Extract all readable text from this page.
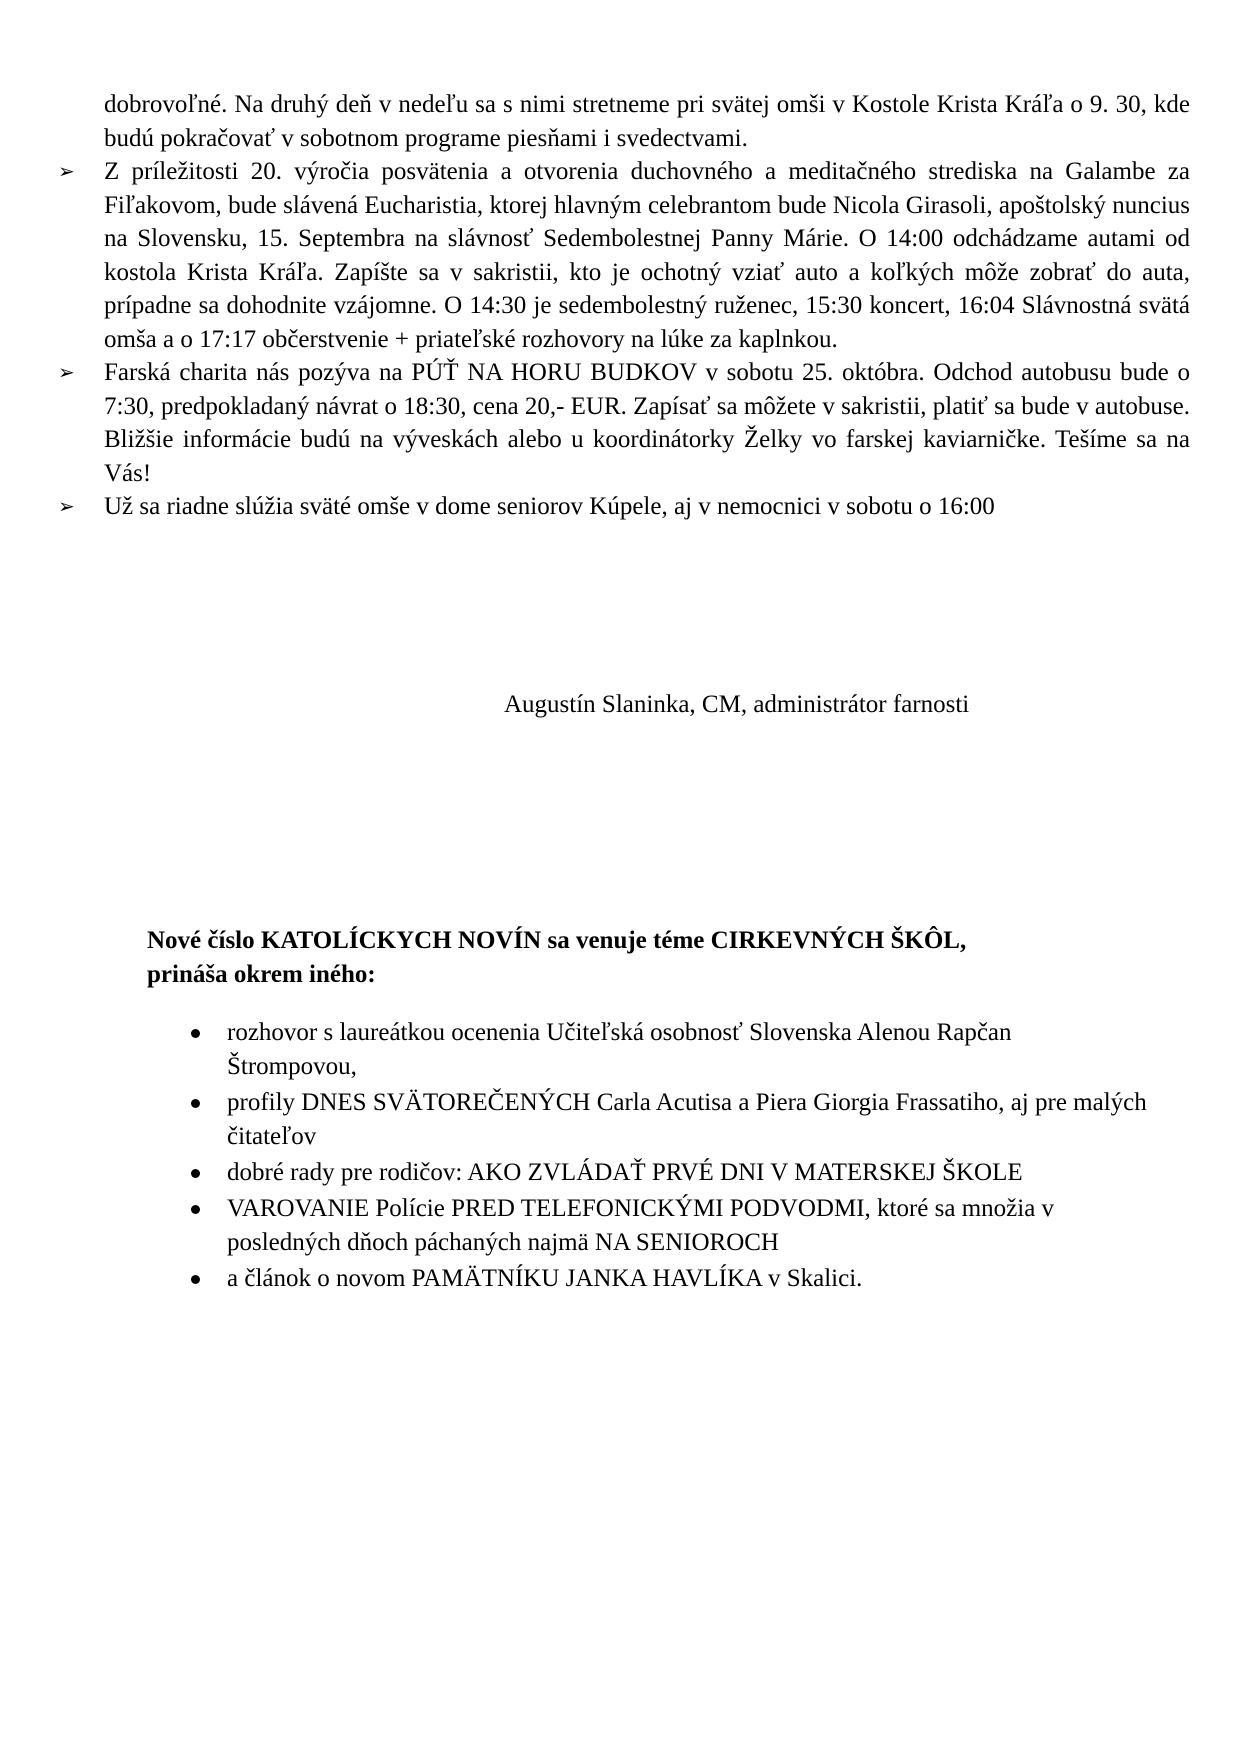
dobrovoľné. Na druhý deň v nedeľu sa s nimi stretneme pri svätej omši v Kostole Krista Kráľa o 9. 30, kde budú pokračovať v sobotnom programe piesňami i svedectvami.
➢ Z príležitosti 20. výročia posvätenia a otvorenia duchovného a meditačného strediska na Galambe za Fiľakovom, bude slávená Eucharistia, ktorej hlavným celebrantom bude Nicola Girasoli, apoštolský nuncius na Slovensku, 15. Septembra na slávnosť Sedembolestnej Panny Márie. O 14:00 odchádzame autami od kostola Krista Kráľa. Zapíšte sa v sakristii, kto je ochotný vziať auto a koľkých môže zobrať do auta, prípadne sa dohodnite vzájomne. O 14:30 je sedembolestný ruženec, 15:30 koncert, 16:04 Slávnostná svätá omša a o 17:17 občerstvenie + priateľské rozhovory na lúke za kaplnkou.
➢ Farská charita nás pozýva na PÚŤ NA HORU BUDKOV v sobotu 25. októbra. Odchod autobusu bude o 7:30, predpokladaný návrat o 18:30, cena 20,- EUR. Zapísať sa môžete v sakristii, platiť sa bude v autobuse. Bližšie informácie budú na výveskách alebo u koordinátorky Želky vo farskej kaviarničke. Tešíme sa na Vás!
➢ Už sa riadne slúžia sväté omše v dome seniorov Kúpele, aj v nemocnici v sobotu o 16:00
Augustín Slaninka, CM, administrátor farnosti

Nové číslo KATOLÍCKYCH NOVÍN sa venuje téme CIRKEVNÝCH ŠKÔL,
prináša okrem iného:

rozhovor s laureátkou ocenenia Učiteľská osobnosť Slovenska Alenou Rapčan Štrompovou,
profily DNES SVÄTOREČENÝCH Carla Acutisa a Piera Giorgia Frassatiho, aj pre malých čitateľov
dobré rady pre rodičov: AKO ZVLÁDAŤ PRVÉ DNI V MATERSKEJ ŠKOLE
VAROVANIE Polície PRED TELEFONICKÝMI PODVODMI, ktoré sa množia v posledných dňoch páchaných najmä NA SENIOROCH
a článok o novom PAMÄTNÍKU JANKA HAVLÍKA v Skalici.
